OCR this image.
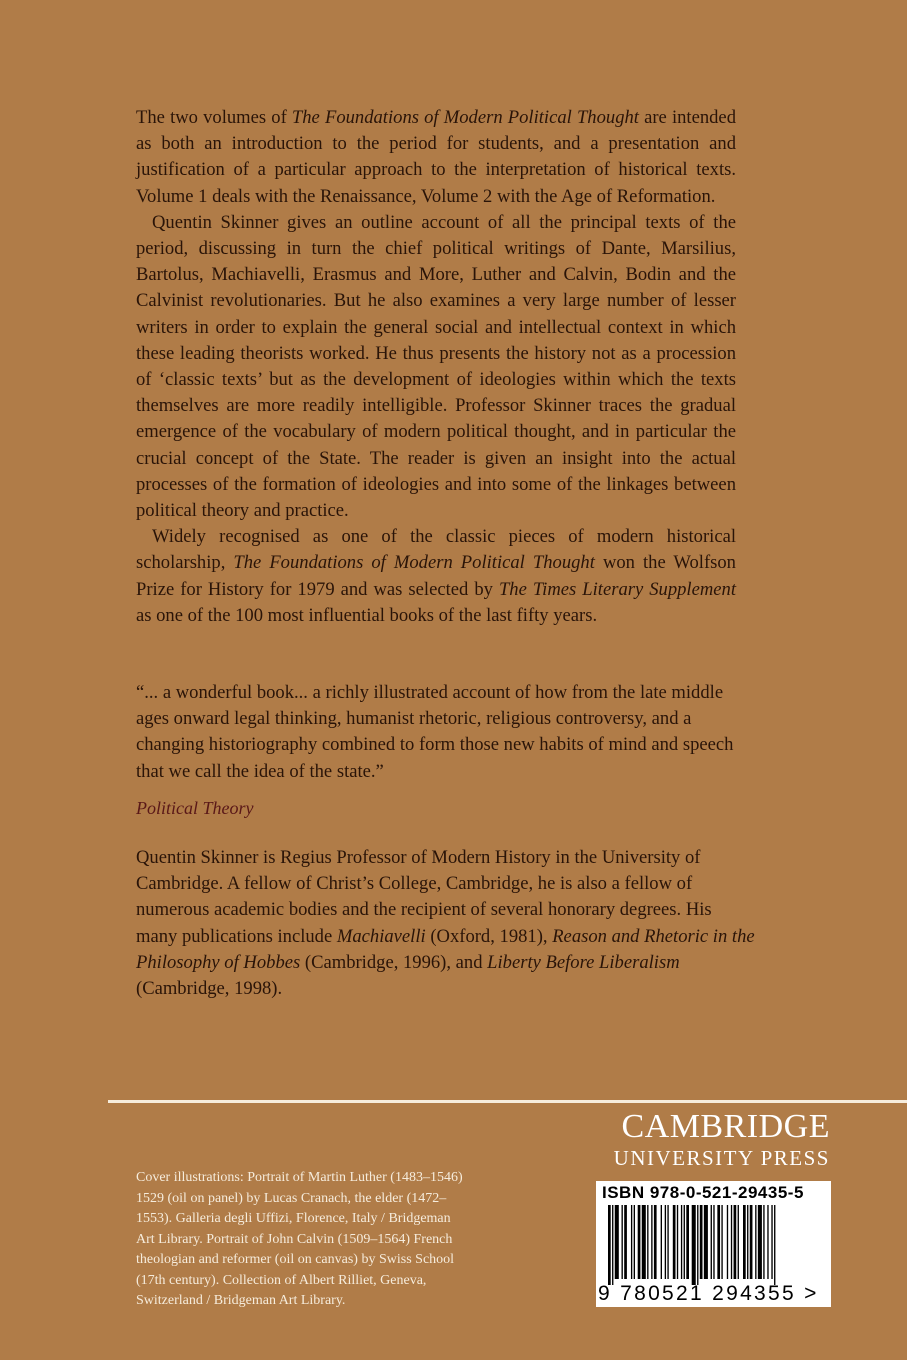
The two volumes of The Foundations of Modern Political Thought are intended as both an introduction to the period for students, and a presentation and justification of a particular approach to the interpretation of historical texts. Volume 1 deals with the Renaissance, Volume 2 with the Age of Reformation.

Quentin Skinner gives an outline account of all the principal texts of the period, discussing in turn the chief political writings of Dante, Marsilius, Bartolus, Machiavelli, Erasmus and More, Luther and Calvin, Bodin and the Calvinist revolutionaries. But he also examines a very large number of lesser writers in order to explain the general social and intellectual context in which these leading theorists worked. He thus presents the history not as a procession of ‘classic texts’ but as the development of ideologies within which the texts themselves are more readily intelligible. Professor Skinner traces the gradual emergence of the vocabulary of modern political thought, and in particular the crucial concept of the State. The reader is given an insight into the actual processes of the formation of ideologies and into some of the linkages between political theory and practice.

Widely recognised as one of the classic pieces of modern historical scholarship, The Foundations of Modern Political Thought won the Wolfson Prize for History for 1979 and was selected by The Times Literary Supplement as one of the 100 most influential books of the last fifty years.

“... a wonderful book... a richly illustrated account of how from the late middle ages onward legal thinking, humanist rhetoric, religious controversy, and a changing historiography combined to form those new habits of mind and speech that we call the idea of the state.”

Political Theory

Quentin Skinner is Regius Professor of Modern History in the University of Cambridge. A fellow of Christ’s College, Cambridge, he is also a fellow of numerous academic bodies and the recipient of several honorary degrees. His many publications include Machiavelli (Oxford, 1981), Reason and Rhetoric in the Philosophy of Hobbes (Cambridge, 1996), and Liberty Before Liberalism (Cambridge, 1998).

CAMBRIDGE
UNIVERSITY PRESS
Cover illustrations: Portrait of Martin Luther (1483–1546) 1529 (oil on panel) by Lucas Cranach, the elder (1472–1553). Galleria degli Uffizi, Florence, Italy / Bridgeman Art Library. Portrait of John Calvin (1509–1564) French theologian and reformer (oil on canvas) by Swiss School (17th century). Collection of Albert Rilliet, Geneva, Switzerland / Bridgeman Art Library.
ISBN 978-0-521-29435-5
9 780521 294355 >
